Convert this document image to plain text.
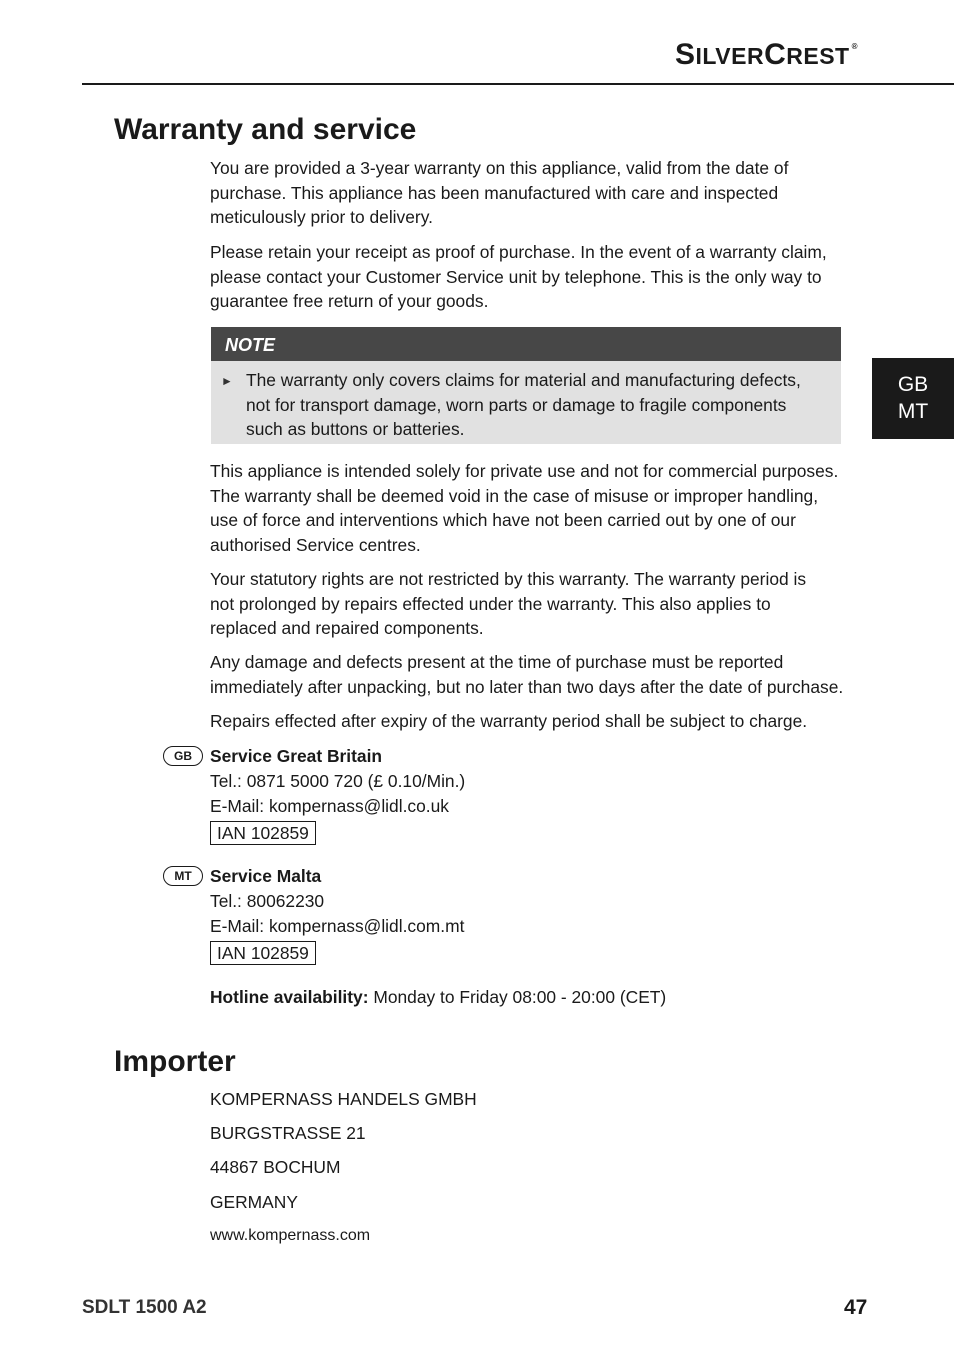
SILVERCREST ®
GB
MT
Warranty and service

You are provided a 3-year warranty on this appliance, valid from the date of purchase. This appliance has been manufactured with care and inspected meticulously prior to delivery.

Please retain your receipt as proof of purchase. In the event of a warranty claim, please contact your Customer Service unit by telephone. This is the only way to guarantee free return of your goods.

NOTE
► The warranty only covers claims for material and manufacturing defects, not for transport damage, worn parts or damage to fragile components such as buttons or batteries.

This appliance is intended solely for private use and not for commercial purposes. The warranty shall be deemed void in the case of misuse or improper handling, use of force and interventions which have not been carried out by one of our authorised Service centres.

Your statutory rights are not restricted by this warranty. The warranty period is not prolonged by repairs effected under the warranty. This also applies to replaced and repaired components.

Any damage and defects present at the time of purchase must be reported immediately after unpacking, but no later than two days after the date of purchase.

Repairs effected after expiry of the warranty period shall be subject to charge.

GB	Service Great Britain
Tel.: 0871 5000 720 (£ 0.10/Min.)
E-Mail: kompernass@lidl.co.uk
IAN 102859
MT	Service Malta
Tel.: 80062230
E-Mail: kompernass@lidl.com.mt
IAN 102859
Hotline availability: Monday to Friday 08:00 - 20:00 (CET)
Importer
KOMPERNASS HANDELS GMBH
BURGSTRASSE 21
44867 BOCHUM
GERMANY
www.kompernass.com
SDLT 1500 A2	47
